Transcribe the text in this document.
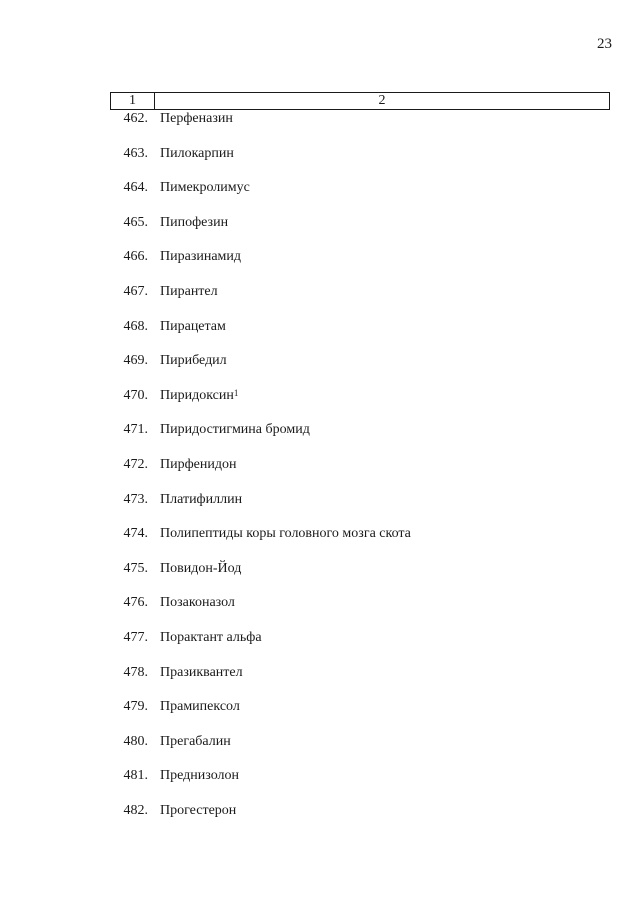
23
1	2
462. Перфеназин
463. Пилокарпин
464. Пимекролимус
465. Пипофезин
466. Пиразинамид
467. Пирантел
468. Пирацетам
469. Пирибедил
470. Пиридоксин$^1$
471. Пиридостигмина бромид
472. Пирфенидон
473. Платифиллин
474. Полипептиды коры головного мозга скота
475. Повидон-Йод
476. Позаконазол
477. Порактант альфа
478. Празиквантел
479. Прамипексол
480. Прегабалин
481. Преднизолон
482. Прогестерон
